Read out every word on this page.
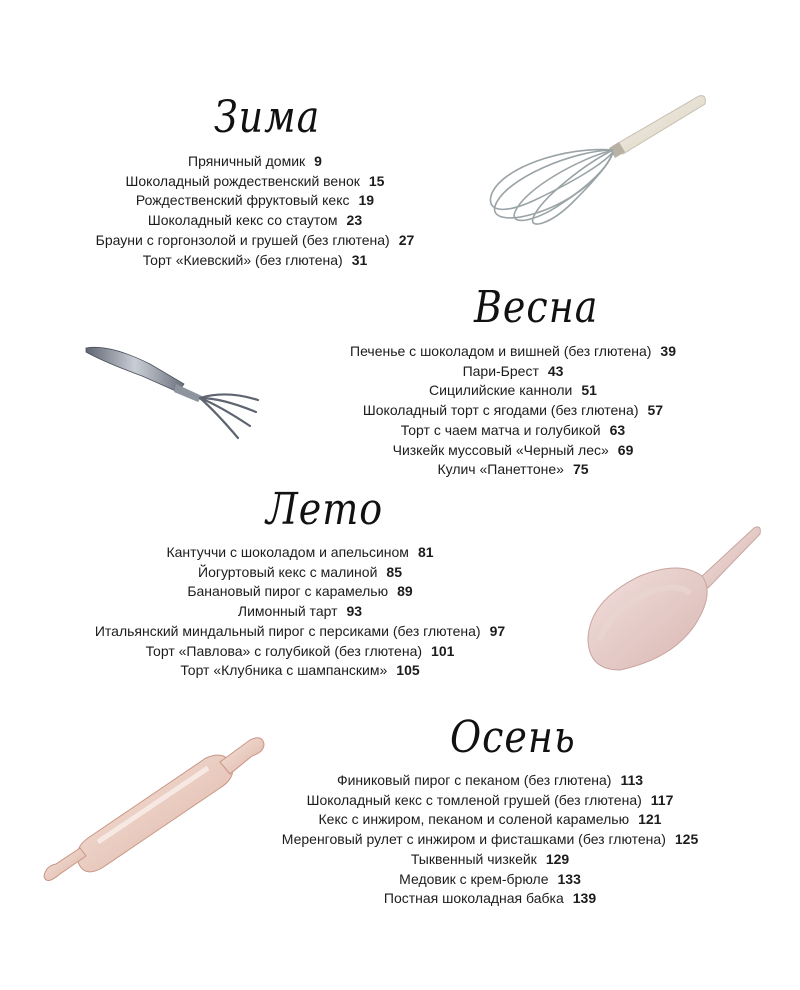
Зима
Пряничный домик 9
Шоколадный рождественский венок 15
Рождественский фруктовый кекс 19
Шоколадный кекс со стаутом 23
Брауни с горгонзолой и грушей (без глютена) 27
Торт «Киевский» (без глютена) 31
Весна
Печенье с шоколадом и вишней (без глютена) 39
Пари-Брест 43
Сицилийские канноли 51
Шоколадный торт с ягодами (без глютена) 57
Торт с чаем матча и голубикой 63
Чизкейк муссовый «Черный лес» 69
Кулич «Панеттоне» 75
Лето
Кантуччи с шоколадом и апельсином 81
Йогуртовый кекс с малиной 85
Банановый пирог с карамелью 89
Лимонный тарт 93
Итальянский миндальный пирог с персиками (без глютена) 97
Торт «Павлова» с голубикой (без глютена) 101
Торт «Клубника с шампанским» 105
Осень
Финиковый пирог с пеканом (без глютена) 113
Шоколадный кекс с томленой грушей (без глютена) 117
Кекс с инжиром, пеканом и соленой карамелью 121
Меренговый рулет с инжиром и фисташками (без глютена) 125
Тыквенный чизкейк 129
Медовик с крем-брюле 133
Постная шоколадная бабка 139
